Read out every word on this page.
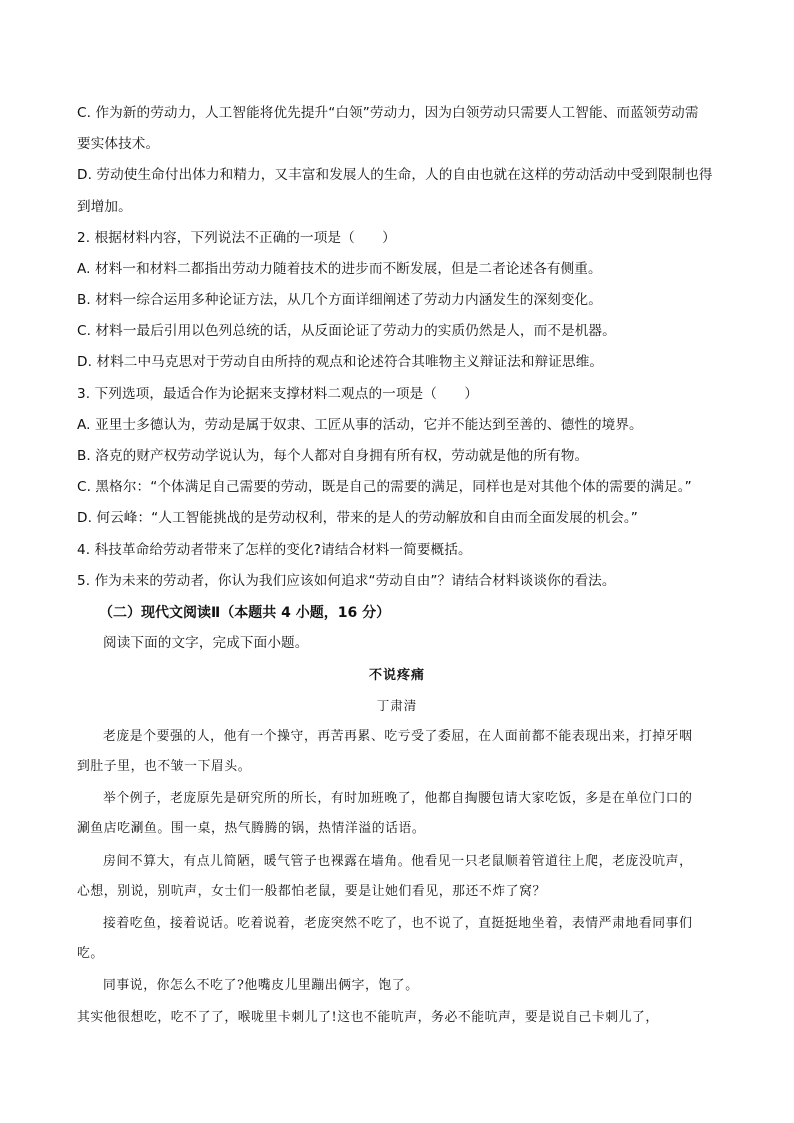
C. 作为新的劳动力，人工智能将优先提升“白领”劳动力，因为白领劳动只需要人工智能、而蓝领劳动需
要实体技术。
D. 劳动使生命付出体力和精力，又丰富和发展人的生命，人的自由也就在这样的劳动活动中受到限制也得
到增加。
2. 根据材料内容，下列说法不正确的一项是（　　）
A. 材料一和材料二都指出劳动力随着技术的进步而不断发展，但是二者论述各有侧重。
B. 材料一综合运用多种论证方法，从几个方面详细阐述了劳动力内涵发生的深刻变化。
C. 材料一最后引用以色列总统的话，从反面论证了劳动力的实质仍然是人，而不是机器。
D. 材料二中马克思对于劳动自由所持的观点和论述符合其唯物主义辩证法和辩证思维。
3. 下列选项，最适合作为论据来支撑材料二观点的一项是（　　）
A. 亚里士多德认为，劳动是属于奴隶、工匠从事的活动，它并不能达到至善的、德性的境界。
B. 洛克的财产权劳动学说认为，每个人都对自身拥有所有权，劳动就是他的所有物。
C. 黑格尔：“个体满足自己需要的劳动，既是自己的需要的满足，同样也是对其他个体的需要的满足。”
D. 何云峰：“人工智能挑战的是劳动权利，带来的是人的劳动解放和自由而全面发展的机会。”
4. 科技革命给劳动者带来了怎样的变化?请结合材料一简要概括。
5. 作为未来的劳动者，你认为我们应该如何追求“劳动自由”？请结合材料谈谈你的看法。
（二）现代文阅读Ⅱ（本题共 4 小题，16 分）
阅读下面的文字，完成下面小题。
不说疼痛
丁肃清
老庞是个要强的人，他有一个操守，再苦再累、吃亏受了委屈，在人面前都不能表现出来，打掉牙咽
到肚子里，也不皱一下眉头。
举个例子，老庞原先是研究所的所长，有时加班晚了，他都自掏腰包请大家吃饭，多是在单位门口的
涮鱼店吃涮鱼。围一桌，热气腾腾的锅，热情洋溢的话语。
房间不算大，有点儿简陋，暖气管子也裸露在墙角。他看见一只老鼠顺着管道往上爬，老庞没吭声，
心想，别说，别吭声，女士们一般都怕老鼠，要是让她们看见，那还不炸了窝？
接着吃鱼，接着说话。吃着说着，老庞突然不吃了，也不说了，直挺挺地坐着，表情严肃地看同事们
吃。
同事说，你怎么不吃了?他嘴皮儿里蹦出俩字，饱了。
其实他很想吃，吃不了了，喉咙里卡刺儿了!这也不能吭声，务必不能吭声，要是说自己卡刺儿了，
